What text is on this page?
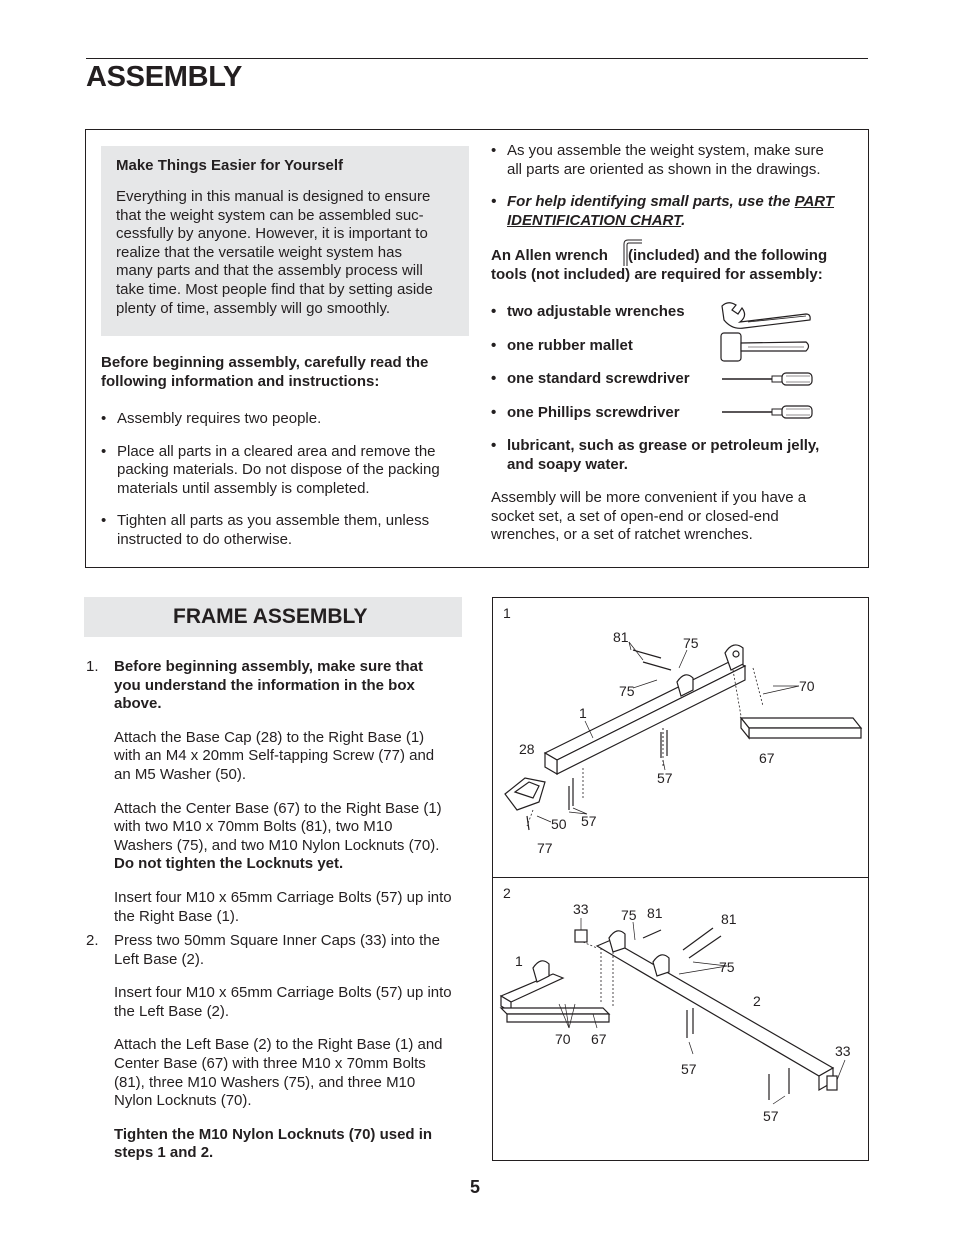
ASSEMBLY
Make Things Easier for Yourself
Everything in this manual is designed to ensure
that the weight system can be assembled suc-
cessfully by anyone. However, it is important to
realize that the versatile weight system has
many parts and that the assembly process will
take time. Most people find that by setting aside
plenty of time, assembly will go smoothly.
Before beginning assembly, carefully read the
following information and instructions:
• Assembly requires two people.
• Place all parts in a cleared area and remove the
packing materials. Do not dispose of the packing
materials until assembly is completed.
• Tighten all parts as you assemble them, unless
instructed to do otherwise.
• As you assemble the weight system, make sure
all parts are oriented as shown in the drawings.
• For help identifying small parts, use the PART
IDENTIFICATION CHART.
An Allen wrench (included) and the following
tools (not included) are required for assembly:
• two adjustable wrenches
• one rubber mallet
• one standard screwdriver
• one Phillips screwdriver
• lubricant, such as grease or petroleum jelly,
and soapy water.
Assembly will be more convenient if you have a
socket set, a set of open-end or closed-end
wrenches, or a set of ratchet wrenches.
FRAME ASSEMBLY
1. Before beginning assembly, make sure that
you understand the information in the box
above.
Attach the Base Cap (28) to the Right Base (1)
with an M4 x 20mm Self-tapping Screw (77) and
an M5 Washer (50).
Attach the Center Base (67) to the Right Base (1)
with two M10 x 70mm Bolts (81), two M10
Washers (75), and two M10 Nylon Locknuts (70).
Do not tighten the Locknuts yet.
Insert four M10 x 65mm Carriage Bolts (57) up into
the Right Base (1).
2. Press two 50mm Square Inner Caps (33) into the
Left Base (2).
Insert four M10 x 65mm Carriage Bolts (57) up into
the Left Base (2).
Attach the Left Base (2) to the Right Base (1) and
Center Base (67) with three M10 x 70mm Bolts
(81), three M10 Washers (75), and three M10
Nylon Locknuts (70).
Tighten the M10 Nylon Locknuts (70) used in
steps 1 and 2.
1
81	75
75	70
1
28
67
57
57
50
77
2
33 75 81	81
1	75
2
70 67
33
57
57
5
